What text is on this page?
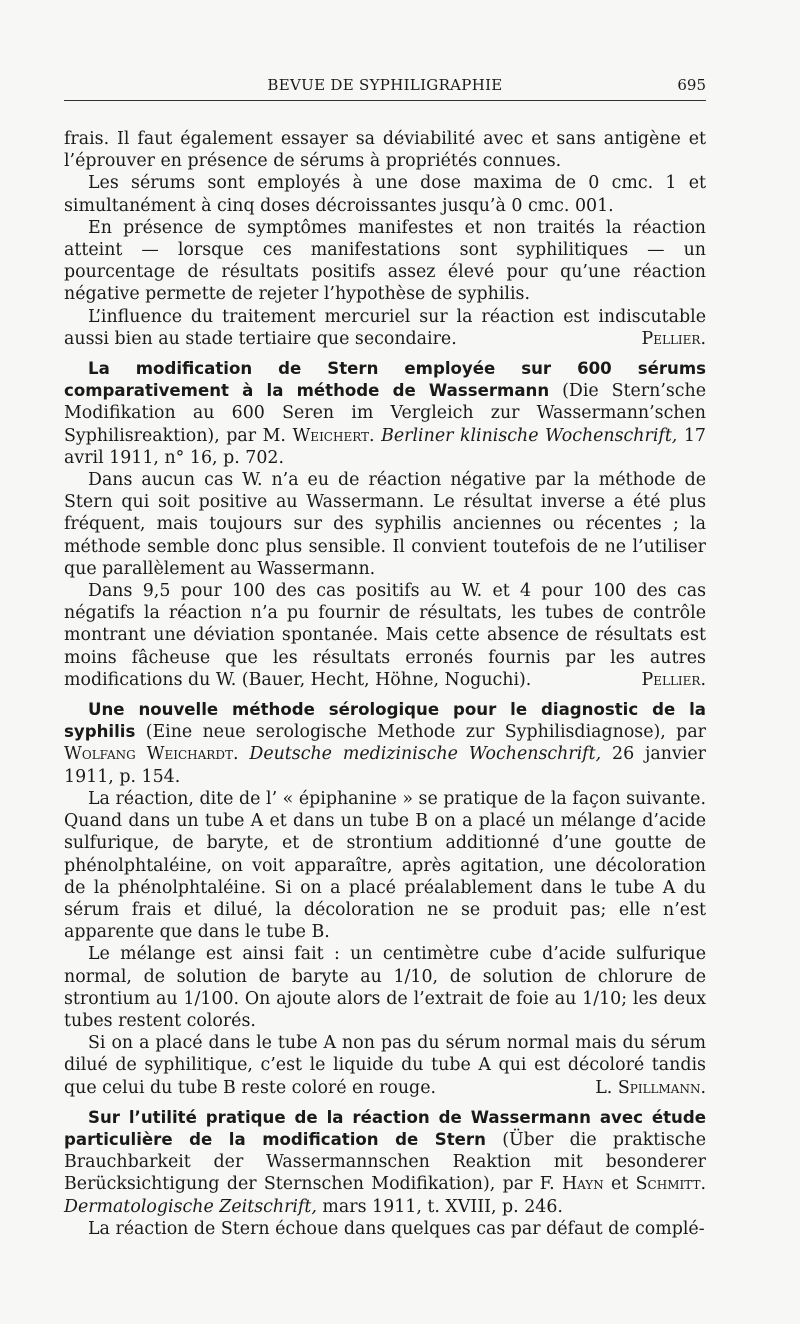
BEVUE DE SYPHILIGRAPHIE	695

frais. Il faut également essayer sa déviabilité avec et sans antigène et l’éprouver en présence de sérums à propriétés connues.

Les sérums sont employés à une dose maxima de 0 cmc. 1 et simultanément à cinq doses décroissantes jusqu’à 0 cmc. 001.

En présence de symptômes manifestes et non traités la réaction atteint — lorsque ces manifestations sont syphilitiques — un pourcentage de résultats positifs assez élevé pour qu’une réaction négative permette de rejeter l’hypothèse de syphilis.

L’influence du traitement mercuriel sur la réaction est indiscutable aussi bien au stade tertiaire que secondaire.	Pellier.

La modification de Stern employée sur 600 sérums comparativement à la méthode de Wassermann (Die Stern’sche Modifikation au 600 Seren im Vergleich zur Wassermann’schen Syphilisreaktion), par M. Weichert. Berliner klinische Wochenschrift, 17 avril 1911, n° 16, p. 702.

Dans aucun cas W. n’a eu de réaction négative par la méthode de Stern qui soit positive au Wassermann. Le résultat inverse a été plus fréquent, mais toujours sur des syphilis anciennes ou récentes ; la méthode semble donc plus sensible. Il convient toutefois de ne l’utiliser que parallèlement au Wassermann.

Dans 9,5 pour 100 des cas positifs au W. et 4 pour 100 des cas négatifs la réaction n’a pu fournir de résultats, les tubes de contrôle montrant une déviation spontanée. Mais cette absence de résultats est moins fâcheuse que les résultats erronés fournis par les autres modifications du W. (Bauer, Hecht, Höhne, Noguchi).	Pellier.

Une nouvelle méthode sérologique pour le diagnostic de la syphilis (Eine neue serologische Methode zur Syphilisdiagnose), par Wolfang Weichardt. Deutsche medizinische Wochenschrift, 26 janvier 1911, p. 154.

La réaction, dite de l’ « épiphanine » se pratique de la façon suivante. Quand dans un tube A et dans un tube B on a placé un mélange d’acide sulfurique, de baryte, et de strontium additionné d’une goutte de phénolphtaléine, on voit apparaître, après agitation, une décoloration de la phénolphtaléine. Si on a placé préalablement dans le tube A du sérum frais et dilué, la décoloration ne se produit pas; elle n’est apparente que dans le tube B.

Le mélange est ainsi fait : un centimètre cube d’acide sulfurique normal, de solution de baryte au 1/10, de solution de chlorure de strontium au 1/100. On ajoute alors de l’extrait de foie au 1/10; les deux tubes restent colorés.

Si on a placé dans le tube A non pas du sérum normal mais du sérum dilué de syphilitique, c’est le liquide du tube A qui est décoloré tandis que celui du tube B reste coloré en rouge.	L. Spillmann.

Sur l’utilité pratique de la réaction de Wassermann avec étude particulière de la modification de Stern (Über die praktische Brauchbarkeit der Wassermannschen Reaktion mit besonderer Berücksichtigung der Sternschen Modifikation), par F. Hayn et Schmitt. Dermatologische Zeitschrift, mars 1911, t. XVIII, p. 246.

La réaction de Stern échoue dans quelques cas par défaut de complé-
